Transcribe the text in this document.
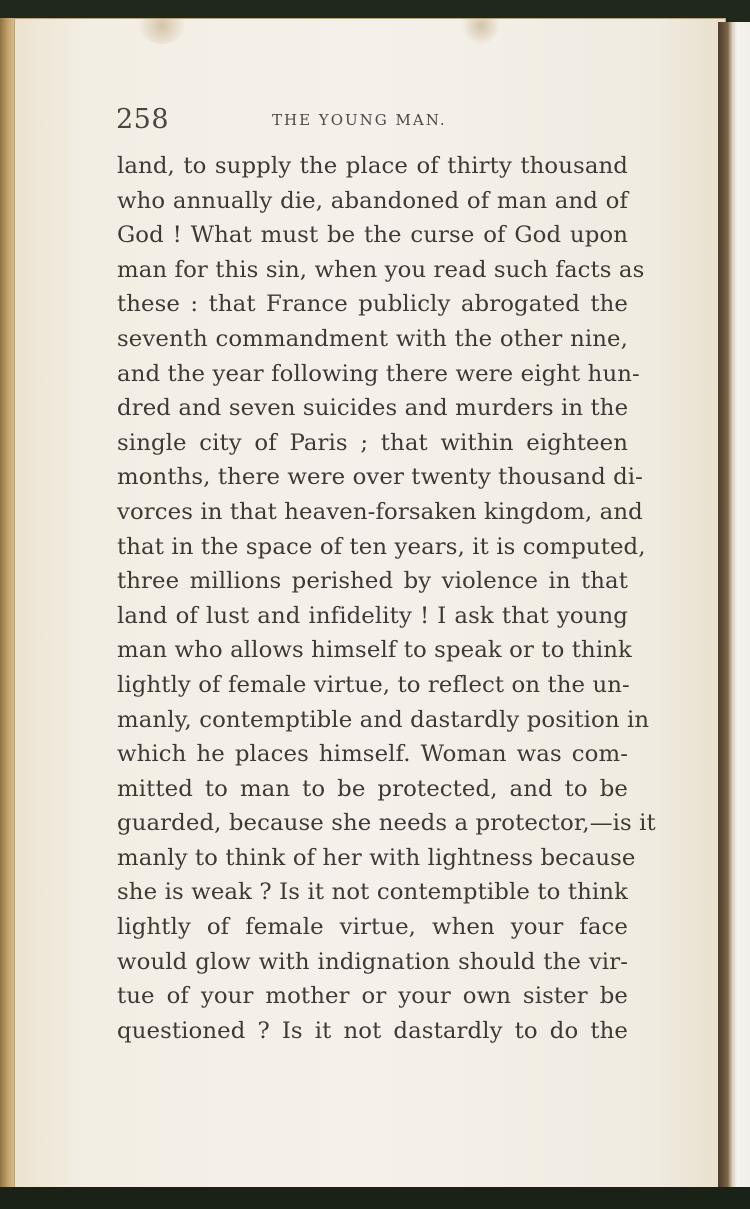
258	THE YOUNG MAN.
land, to supply the place of thirty thousand
who annually die, abandoned of man and of
God ! What must be the curse of God upon
man for this sin, when you read such facts as
these : that France publicly abrogated the
seventh commandment with the other nine,
and the year following there were eight hun-
dred and seven suicides and murders in the
single city of Paris ; that within eighteen
months, there were over twenty thousand di-
vorces in that heaven-forsaken kingdom, and
that in the space of ten years, it is computed,
three millions perished by violence in that
land of lust and infidelity ! I ask that young
man who allows himself to speak or to think
lightly of female virtue, to reflect on the un-
manly, contemptible and dastardly position in
which he places himself. Woman was com-
mitted to man to be protected, and to be
guarded, because she needs a protector,—is it
manly to think of her with lightness because
she is weak ? Is it not contemptible to think
lightly of female virtue, when your face
would glow with indignation should the vir-
tue of your mother or your own sister be
questioned ? Is it not dastardly to do the
